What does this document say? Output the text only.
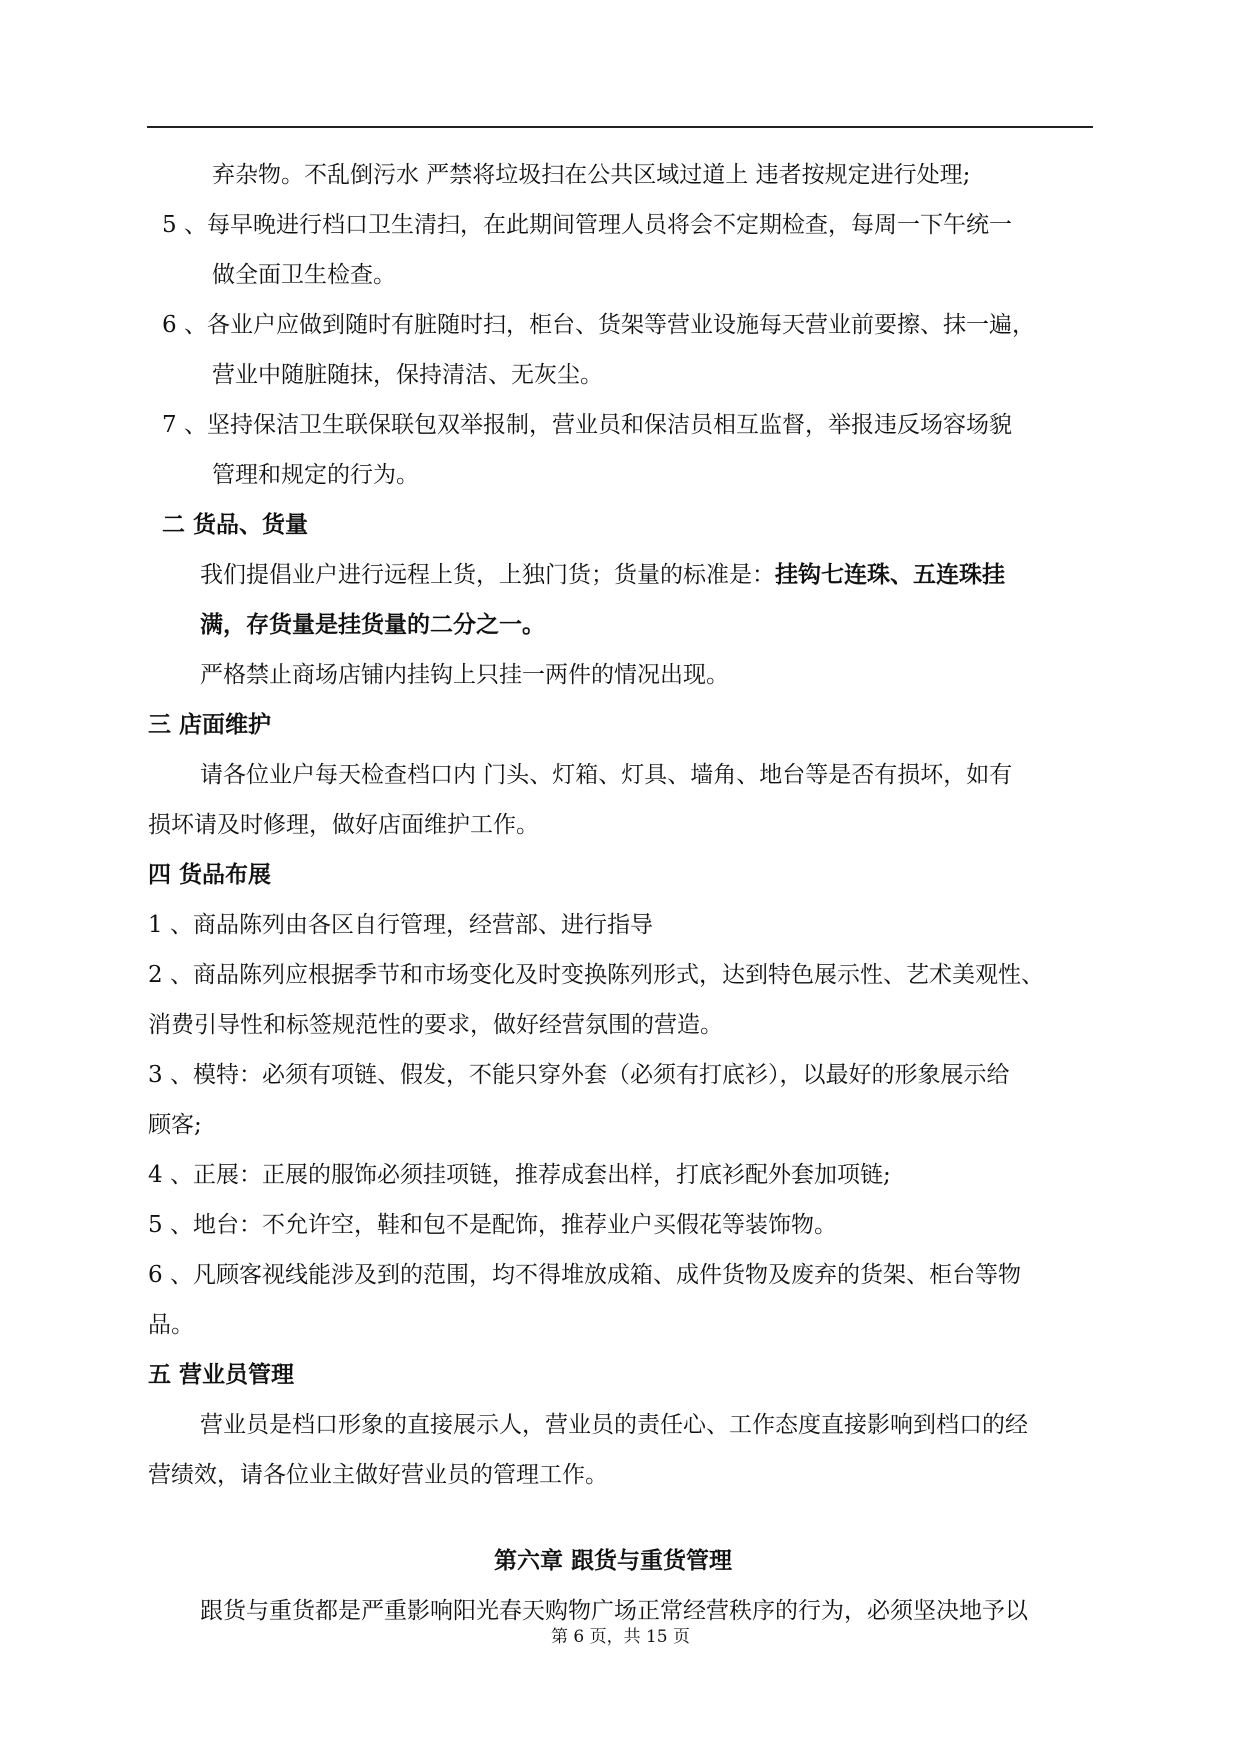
弃杂物。不乱倒污水 严禁将垃圾扫在公共区域过道上 违者按规定进行处理;
5 、每早晚进行档口卫生清扫，在此期间管理人员将会不定期检查，每周一下午统一
做全面卫生检查。
6 、各业户应做到随时有脏随时扫，柜台、货架等营业设施每天营业前要擦、抹一遍，
营业中随脏随抹，保持清洁、无灰尘。
7 、坚持保洁卫生联保联包双举报制，营业员和保洁员相互监督，举报违反场容场貌
管理和规定的行为。
二 货品、货量
我们提倡业户进行远程上货，上独门货；货量的标准是：挂钩七连珠、五连珠挂
满，存货量是挂货量的二分之一。
严格禁止商场店铺内挂钩上只挂一两件的情况出现。
三 店面维护
请各位业户每天检查档口内 门头、灯箱、灯具、墙角、地台等是否有损坏，如有
损坏请及时修理，做好店面维护工作。
四 货品布展
1 、商品陈列由各区自行管理，经营部、进行指导
2 、商品陈列应根据季节和市场变化及时变换陈列形式，达到特色展示性、艺术美观性、
消费引导性和标签规范性的要求，做好经营氛围的营造。
3 、模特：必须有项链、假发，不能只穿外套（必须有打底衫），以最好的形象展示给
顾客;
4 、正展：正展的服饰必须挂项链，推荐成套出样，打底衫配外套加项链;
5 、地台：不允许空，鞋和包不是配饰，推荐业户买假花等装饰物。
6 、凡顾客视线能涉及到的范围，均不得堆放成箱、成件货物及废弃的货架、柜台等物
品。
五 营业员管理
营业员是档口形象的直接展示人，营业员的责任心、工作态度直接影响到档口的经
营绩效，请各位业主做好营业员的管理工作。
第六章 跟货与重货管理
跟货与重货都是严重影响阳光春天购物广场正常经营秩序的行为，必须坚决地予以
第 6 页，共 15 页
